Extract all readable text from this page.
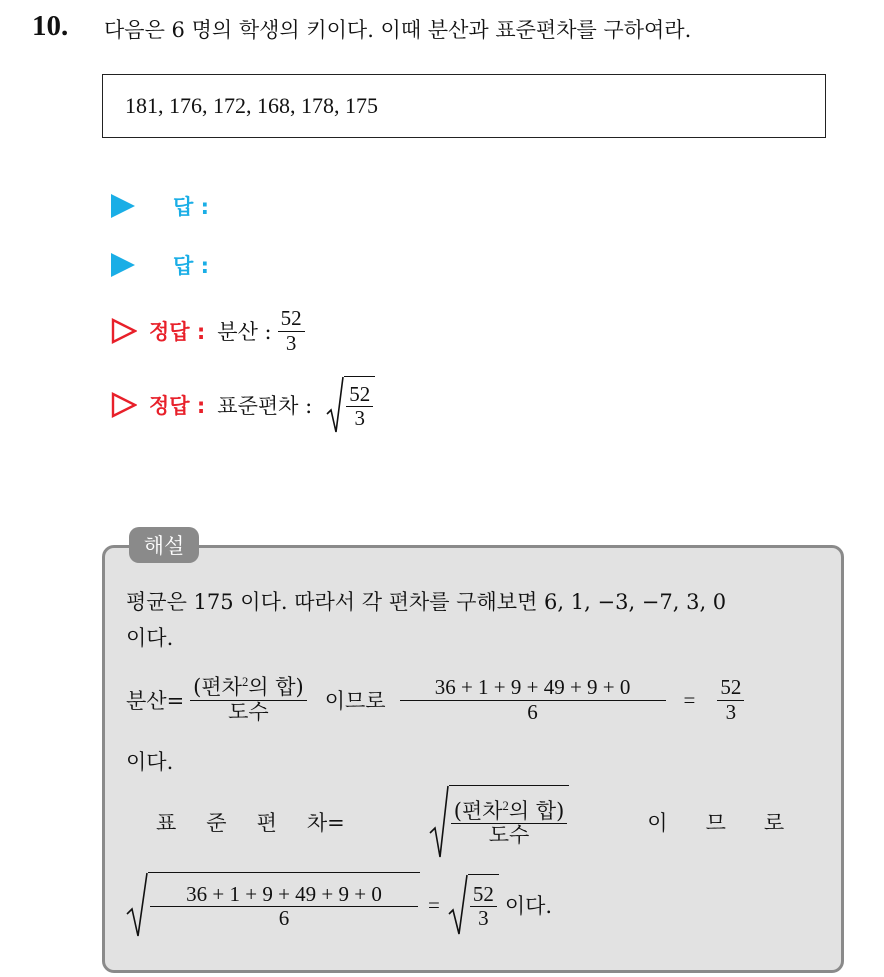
10. 다음은 6 명의 학생의 키이다. 이때 분산과 표준편차를 구하여라.
181, 176, 172, 168, 178, 175
답 :
답 :
정답 : 분산 : $\frac{52}{3}$
정답 : 표준편차 : $\frac{52}{3}$
해설
평균은 175 이다. 따라서 각 편차를 구해보면 6, 1, −3, −7, 3, 0
이다.
분산= $\frac{(편차^2의 합)}{\text{도수}}$ 이므로 $\frac{36 + 1 + 9 + 49 + 9 + 0}{6} = \frac{52}{3}$
이다.
표 준 편 차=	$\frac{(편차^2의 합)}{\text{도수}}$	이 므 로
$\frac{36 + 1 + 9 + 49 + 9 + 0}{6} = \frac{52}{3}$ 이다.
